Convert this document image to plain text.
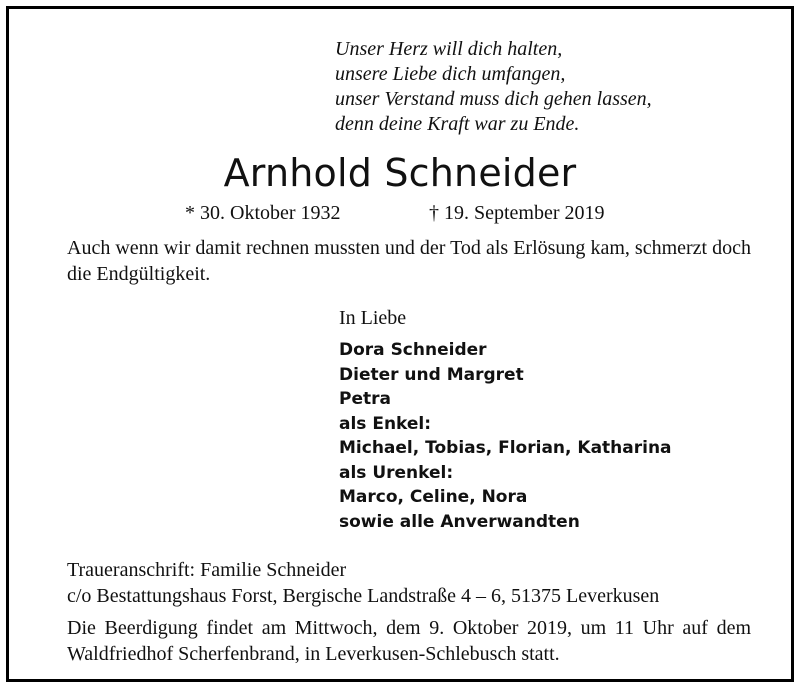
Unser Herz will dich halten,
unsere Liebe dich umfangen,
unser Verstand muss dich gehen lassen,
denn deine Kraft war zu Ende.
Arnhold Schneider
* 30. Oktober 1932	† 19. September 2019
Auch wenn wir damit rechnen mussten und der Tod als Erlösung kam, schmerzt doch die Endgültigkeit.
In Liebe
Dora Schneider
Dieter und Margret
Petra
als Enkel:
Michael, Tobias, Florian, Katharina
als Urenkel:
Marco, Celine, Nora
sowie alle Anverwandten
Traueranschrift: Familie Schneider
c/o Bestattungshaus Forst, Bergische Landstraße 4 – 6, 51375 Leverkusen
Die Beerdigung findet am Mittwoch, dem 9. Oktober 2019, um 11 Uhr auf dem Waldfriedhof Scherfenbrand, in Leverkusen-Schlebusch statt.
